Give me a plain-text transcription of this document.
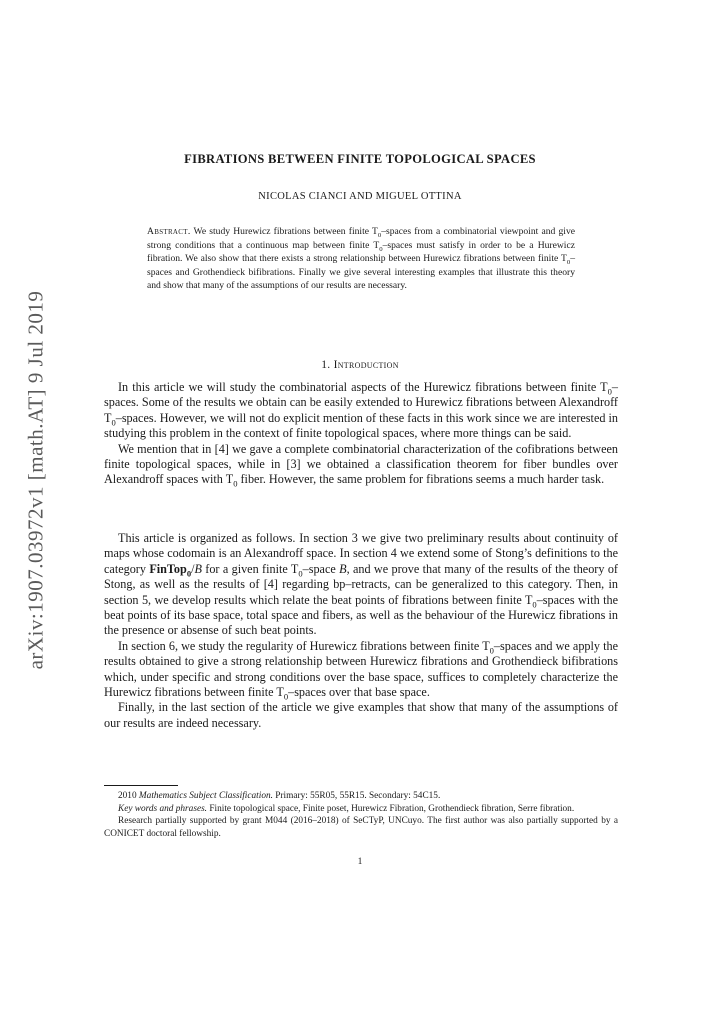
arXiv:1907.03972v1 [math.AT] 9 Jul 2019
FIBRATIONS BETWEEN FINITE TOPOLOGICAL SPACES
NICOLAS CIANCI AND MIGUEL OTTINA
Abstract. We study Hurewicz fibrations between finite $T_0$–spaces from a combinatorial viewpoint and give strong conditions that a continuous map between finite $T_0$–spaces must satisfy in order to be a Hurewicz fibration. We also show that there exists a strong relationship between Hurewicz fibrations between finite $T_0$–spaces and Grothendieck bifibrations. Finally we give several interesting examples that illustrate this theory and show that many of the assumptions of our results are necessary.
1. Introduction

In this article we will study the combinatorial aspects of the Hurewicz fibrations between finite $T_0$–spaces. Some of the results we obtain can be easily extended to Hurewicz fibrations between Alexandroff $T_0$–spaces. However, we will not do explicit mention of these facts in this work since we are interested in studying this problem in the context of finite topological spaces, where more things can be said.

We mention that in [4] we gave a complete combinatorial characterization of the cofibrations between finite topological spaces, while in [3] we obtained a classification theorem for fiber bundles over Alexandroff spaces with $T_0$ fiber. However, the same problem for fibrations seems a much harder task.

This article is organized as follows. In section 3 we give two preliminary results about continuity of maps whose codomain is an Alexandroff space. In section 4 we extend some of Stong’s definitions to the category FinTop$_0$/B for a given finite $T_0$–space B, and we prove that many of the results of the theory of Stong, as well as the results of [4] regarding bp–retracts, can be generalized to this category. Then, in section 5, we develop results which relate the beat points of fibrations between finite $T_0$–spaces with the beat points of its base space, total space and fibers, as well as the behaviour of the Hurewicz fibrations in the presence or absense of such beat points.

In section 6, we study the regularity of Hurewicz fibrations between finite $T_0$–spaces and we apply the results obtained to give a strong relationship between Hurewicz fibrations and Grothendieck bifibrations which, under specific and strong conditions over the base space, suffices to completely characterize the Hurewicz fibrations between finite $T_0$–spaces over that base space.

Finally, in the last section of the article we give examples that show that many of the assumptions of our results are indeed necessary.

2010 Mathematics Subject Classification. Primary: 55R05, 55R15. Secondary: 54C15.

Key words and phrases. Finite topological space, Finite poset, Hurewicz Fibration, Grothendieck fibration, Serre fibration.

Research partially supported by grant M044 (2016–2018) of SeCTyP, UNCuyo. The first author was also partially supported by a CONICET doctoral fellowship.

1
